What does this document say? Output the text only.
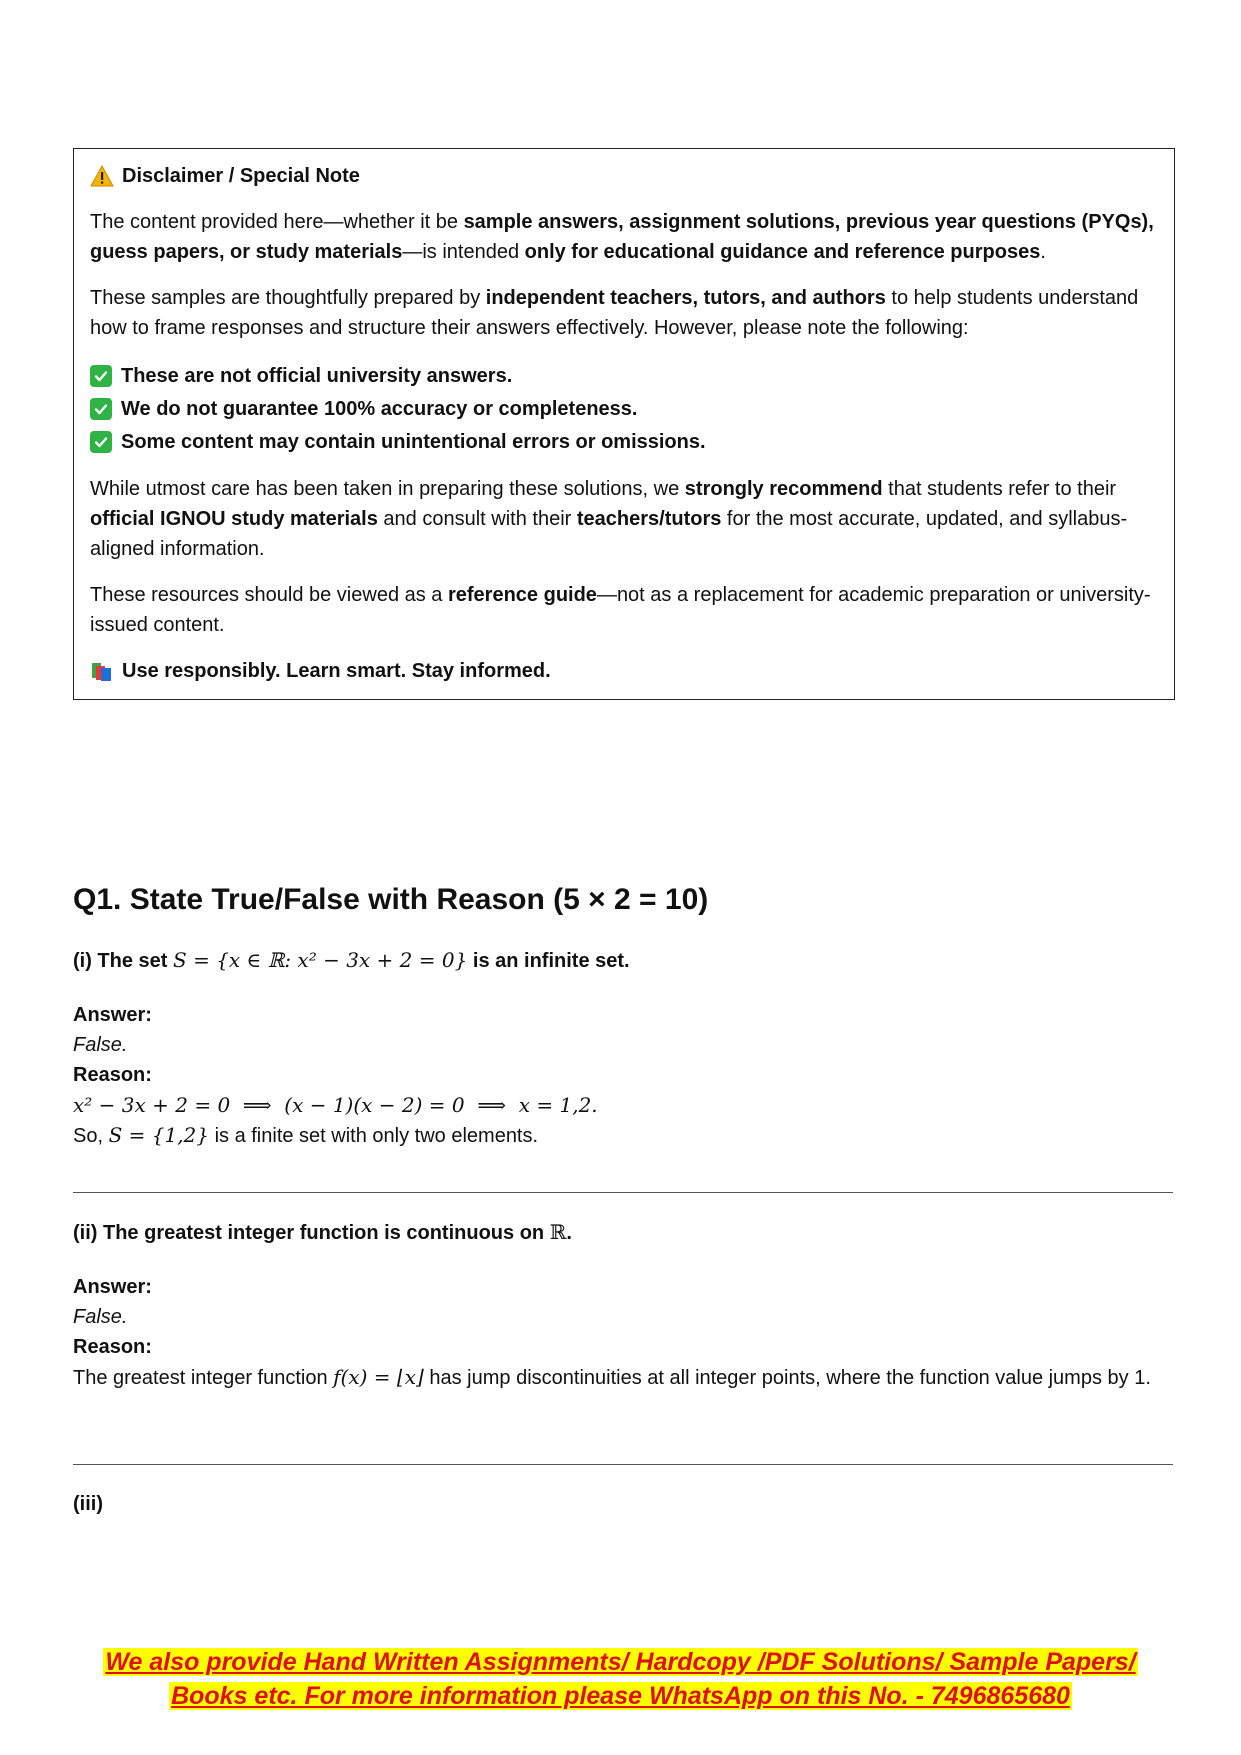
Disclaimer / Special Note

The content provided here—whether it be sample answers, assignment solutions, previous year questions (PYQs), guess papers, or study materials—is intended only for educational guidance and reference purposes.

These samples are thoughtfully prepared by independent teachers, tutors, and authors to help students understand how to frame responses and structure their answers effectively. However, please note the following:

These are not official university answers.
We do not guarantee 100% accuracy or completeness.
Some content may contain unintentional errors or omissions.

While utmost care has been taken in preparing these solutions, we strongly recommend that students refer to their official IGNOU study materials and consult with their teachers/tutors for the most accurate, updated, and syllabus-aligned information.

These resources should be viewed as a reference guide—not as a replacement for academic preparation or university-issued content.

Use responsibly. Learn smart. Stay informed.
Q1. State True/False with Reason (5 × 2 = 10)
(i) The set S = {x ∈ ℝ: x² − 3x + 2 = 0} is an infinite set.
Answer:
False.
Reason:
x² − 3x + 2 = 0  ⟹  (x − 1)(x − 2) = 0  ⟹  x = 1,2.
So, S = {1,2} is a finite set with only two elements.
(ii) The greatest integer function is continuous on ℝ.
Answer:
False.
Reason:
The greatest integer function f(x) = ⌊x⌋ has jump discontinuities at all integer points, where the function value jumps by 1.
(iii)
We also provide Hand Written Assignments/ Hardcopy /PDF Solutions/ Sample Papers/
Books etc. For more information please WhatsApp on this No. - 7496865680
